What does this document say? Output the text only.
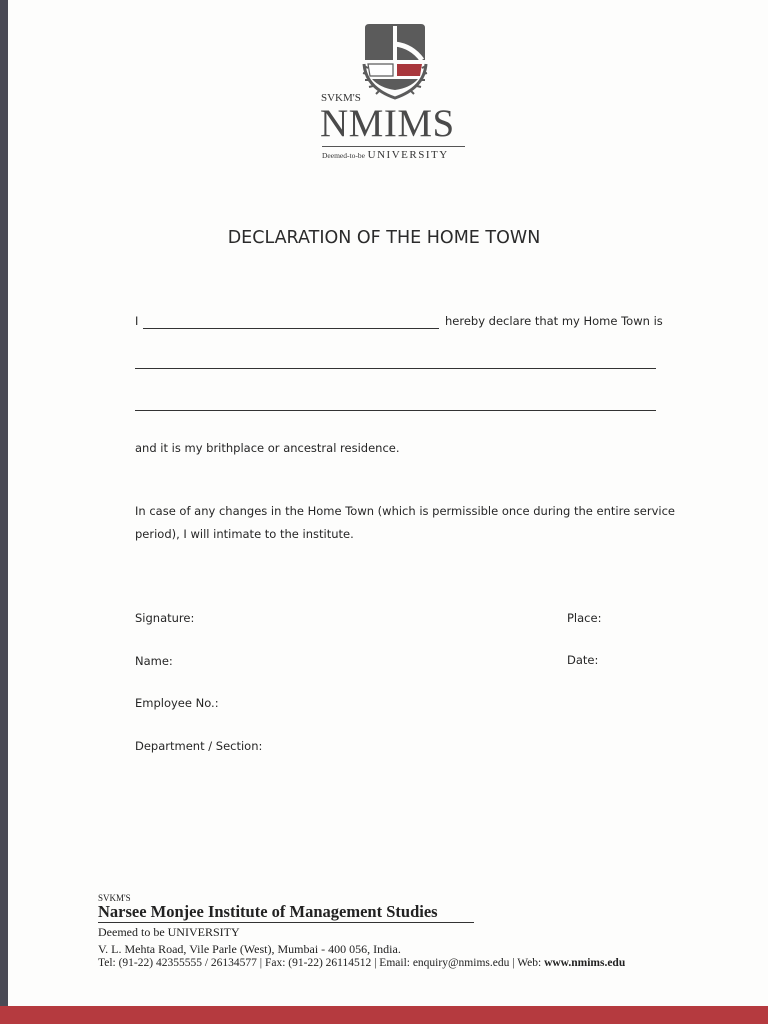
SVKM'S
NMIMS
Deemed-to-be UNIVERSITY
DECLARATION OF THE HOME TOWN
I	hereby declare that my Home Town is
and it is my brithplace or ancestral residence.
In case of any changes in the Home Town (which is permissible once during the entire service
period), I will intimate to the institute.
Signature:	Place:
Name:	Date:
Employee No.:
Department / Section:
SVKM'S
Narsee Monjee Institute of Management Studies
Deemed to be UNIVERSITY
V. L. Mehta Road, Vile Parle (West), Mumbai - 400 056, India.
Tel: (91-22) 42355555 / 26134577 | Fax: (91-22) 26114512 | Email: enquiry@nmims.edu | Web: www.nmims.edu
